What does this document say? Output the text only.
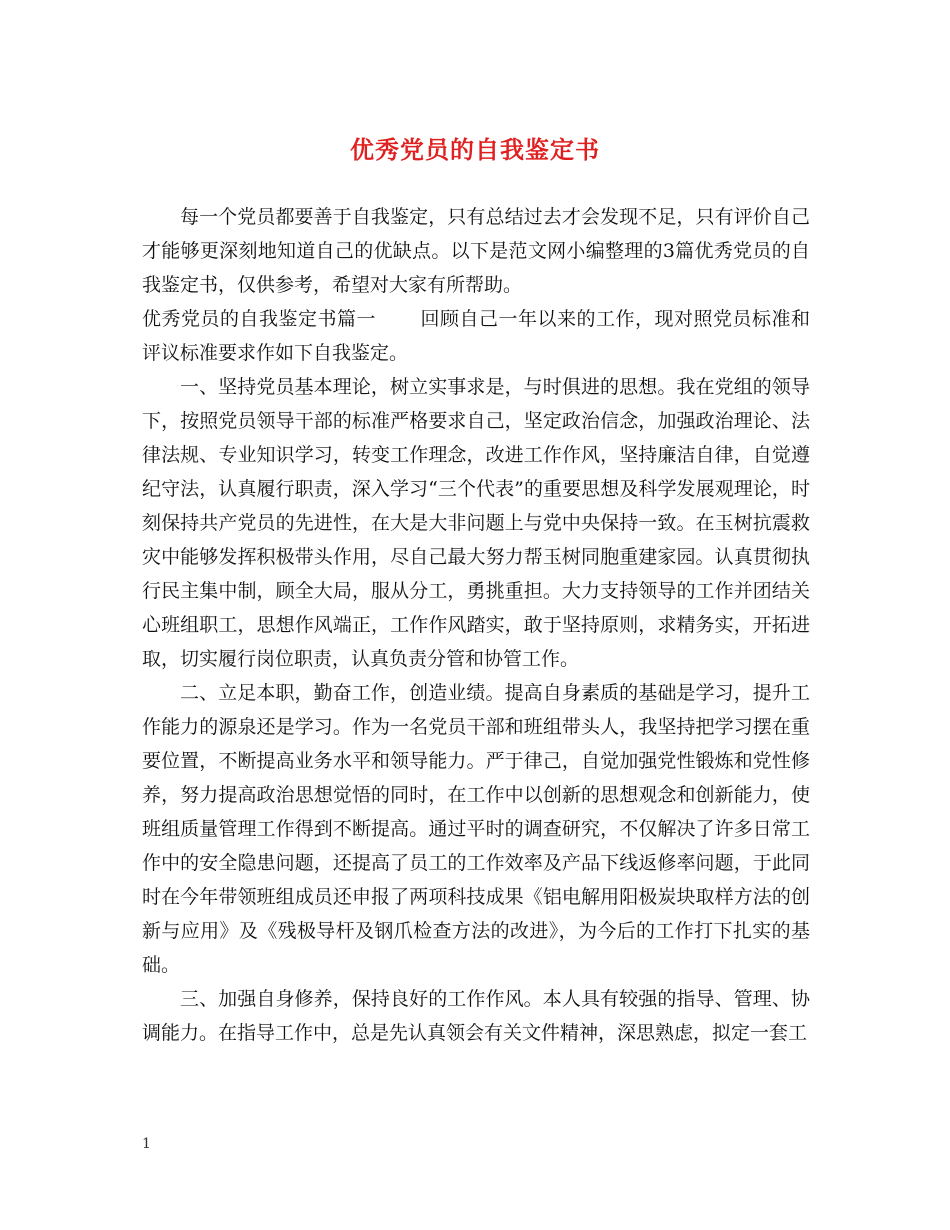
优秀党员的自我鉴定书

每一个党员都要善于自我鉴定，只有总结过去才会发现不足，只有评价自己才能够更深刻地知道自己的优缺点。以下是范文网小编整理的3篇优秀党员的自我鉴定书，仅供参考，希望对大家有所帮助。

优秀党员的自我鉴定书篇一 回顾自己一年以来的工作，现对照党员标准和评议标准要求作如下自我鉴定。

一、坚持党员基本理论，树立实事求是，与时俱进的思想。我在党组的领导下，按照党员领导干部的标准严格要求自己，坚定政治信念，加强政治理论、法律法规、专业知识学习，转变工作理念，改进工作作风，坚持廉洁自律，自觉遵纪守法，认真履行职责，深入学习“三个代表”的重要思想及科学发展观理论，时刻保持共产党员的先进性，在大是大非问题上与党中央保持一致。在玉树抗震救灾中能够发挥积极带头作用，尽自己最大努力帮玉树同胞重建家园。认真贯彻执行民主集中制，顾全大局，服从分工，勇挑重担。大力支持领导的工作并团结关心班组职工，思想作风端正，工作作风踏实，敢于坚持原则，求精务实，开拓进取，切实履行岗位职责，认真负责分管和协管工作。

二、立足本职，勤奋工作，创造业绩。提高自身素质的基础是学习，提升工作能力的源泉还是学习。作为一名党员干部和班组带头人，我坚持把学习摆在重要位置，不断提高业务水平和领导能力。严于律己，自觉加强党性锻炼和党性修养，努力提高政治思想觉悟的同时，在工作中以创新的思想观念和创新能力，使班组质量管理工作得到不断提高。通过平时的调查研究，不仅解决了许多日常工作中的安全隐患问题，还提高了员工的工作效率及产品下线返修率问题，于此同时在今年带领班组成员还申报了两项科技成果《铝电解用阳极炭块取样方法的创新与应用》及《残极导杆及钢爪检查方法的改进》，为今后的工作打下扎实的基础。

三、加强自身修养，保持良好的工作作风。本人具有较强的指导、管理、协调能力。在指导工作中，总是先认真领会有关文件精神，深思熟虑，拟定一套工

1
